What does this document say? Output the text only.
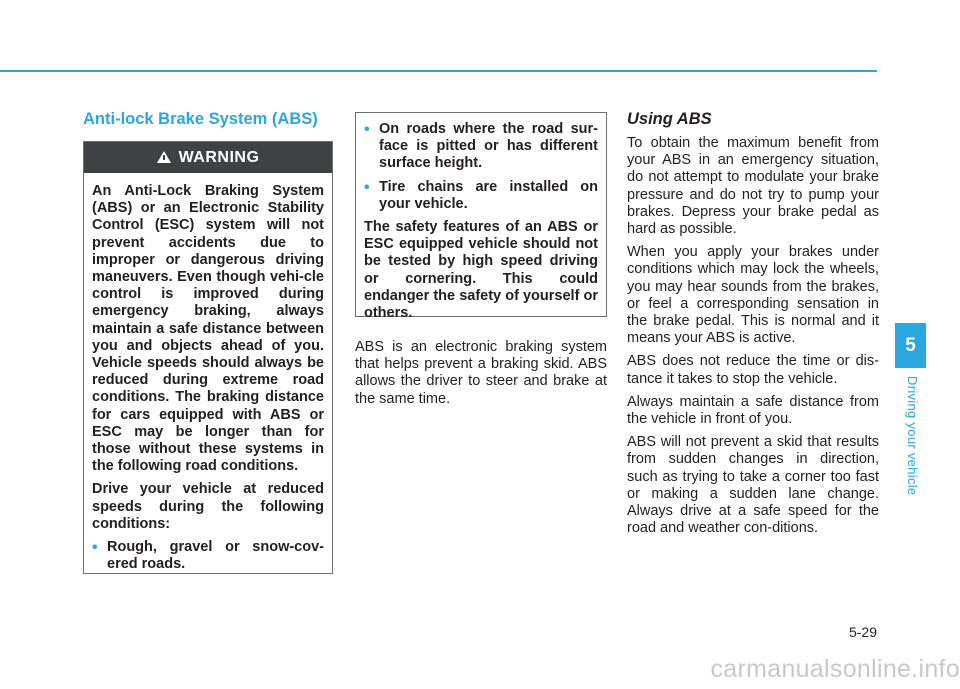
Anti-lock Brake System (ABS)
WARNING

An Anti-Lock Braking System (ABS) or an Electronic Stability Control (ESC) system will not prevent accidents due to improper or dangerous driving maneuvers. Even though vehi-cle control is improved during emergency braking, always maintain a safe distance between you and objects ahead of you. Vehicle speeds should always be reduced during extreme road conditions. The braking distance for cars equipped with ABS or ESC may be longer than for those without these systems in the following road conditions.

Drive your vehicle at reduced speeds during the following conditions:

• Rough, gravel or snow-cov-ered roads.
• On roads where the road sur-face is pitted or has different surface height.
• Tire chains are installed on your vehicle.

The safety features of an ABS or ESC equipped vehicle should not be tested by high speed driving or cornering. This could endanger the safety of yourself or others.

ABS is an electronic braking system that helps prevent a braking skid. ABS allows the driver to steer and brake at the same time.

Using ABS

To obtain the maximum benefit from your ABS in an emergency situation, do not attempt to modulate your brake pressure and do not try to pump your brakes. Depress your brake pedal as hard as possible.

When you apply your brakes under conditions which may lock the wheels, you may hear sounds from the brakes, or feel a corresponding sensation in the brake pedal. This is normal and it means your ABS is active.

ABS does not reduce the time or dis-tance it takes to stop the vehicle.

Always maintain a safe distance from the vehicle in front of you.

ABS will not prevent a skid that results from sudden changes in direction, such as trying to take a corner too fast or making a sudden lane change. Always drive at a safe speed for the road and weather con-ditions.

5
Driving your vehicle
5-29
carmanualsonline.info
